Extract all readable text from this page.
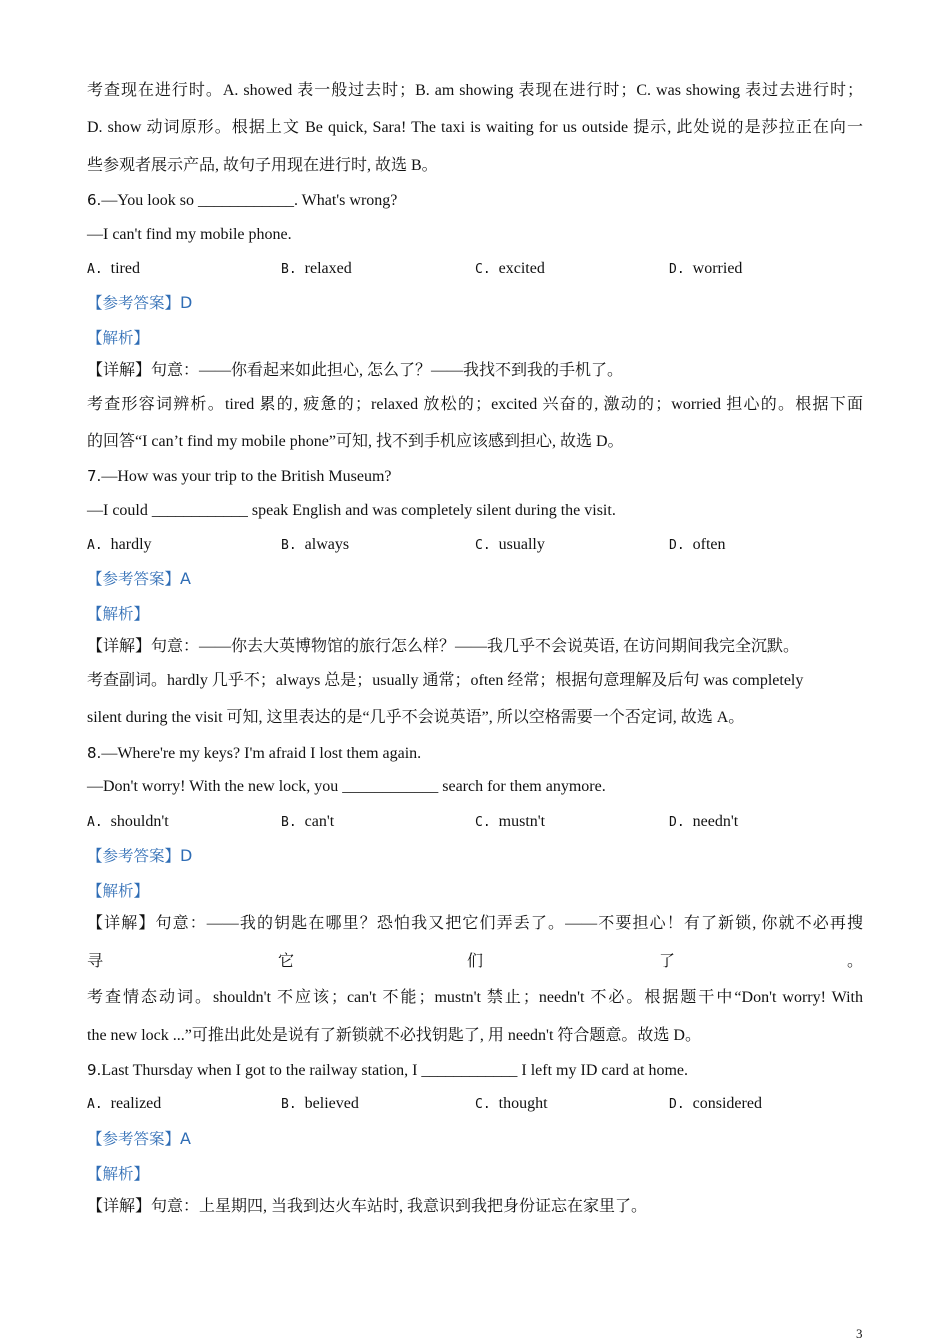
考查现在进行时。A. showed 表一般过去时；B. am showing 表现在进行时；C. was showing 表过去进行时；
D. show 动词原形。根据上文 Be quick, Sara! The taxi is waiting for us outside 提示, 此处说的是莎拉正在向一
些参观者展示产品, 故句子用现在进行时, 故选 B。
6.—You look so ____________. What's wrong?
—I can't find my mobile phone.
A. tired	B. relaxed	C. excited	D. worried
【参考答案】D
【解析】
【详解】句意：——你看起来如此担心, 怎么了？——我找不到我的手机了。
考查形容词辨析。tired 累的, 疲惫的；relaxed 放松的；excited 兴奋的, 激动的；worried 担心的。根据下面
的回答“I can’t find my mobile phone”可知, 找不到手机应该感到担心, 故选 D。
7.—How was your trip to the British Museum?
—I could ____________ speak English and was completely silent during the visit.
A. hardly	B. always	C. usually	D. often
【参考答案】A
【解析】
【详解】句意：——你去大英博物馆的旅行怎么样？——我几乎不会说英语, 在访问期间我完全沉默。
考查副词。hardly 几乎不；always 总是；usually 通常；often 经常；根据句意理解及后句 was completely
silent during the visit 可知, 这里表达的是“几乎不会说英语”, 所以空格需要一个否定词, 故选 A。
8.—Where're my keys? I'm afraid I lost them again.
—Don't worry! With the new lock, you ____________ search for them anymore.
A. shouldn't	B. can't	C. mustn't	D. needn't
【参考答案】D
【解析】
【详解】句意：——我的钥匙在哪里？恐怕我又把它们弄丢了。——不要担心！有了新锁, 你就不必再搜
寻	它	们	了	。
考查情态动词。shouldn't 不应该；can't 不能；mustn't 禁止；needn't 不必。根据题干中“Don't worry! With
the new lock ...”可推出此处是说有了新锁就不必找钥匙了, 用 needn't 符合题意。故选 D。
9.Last Thursday when I got to the railway station, I ____________ I left my ID card at home.
A. realized	B. believed	C. thought	D. considered
【参考答案】A
【解析】
【详解】句意：上星期四, 当我到达火车站时, 我意识到我把身份证忘在家里了。
3
